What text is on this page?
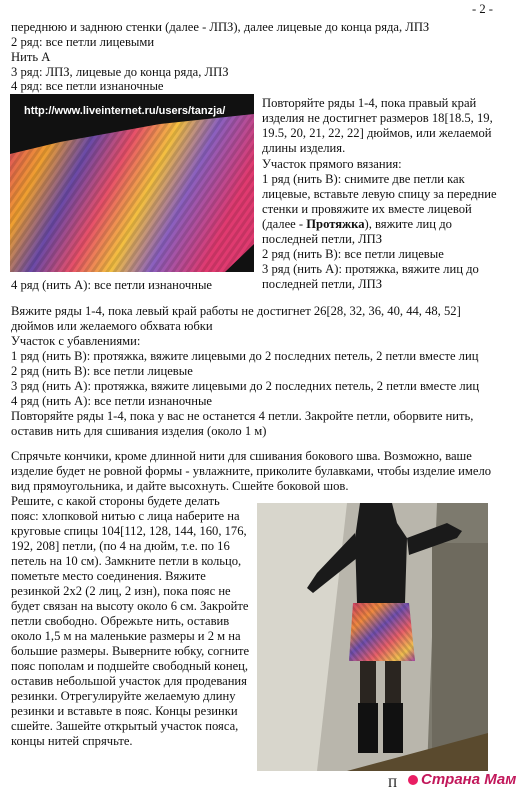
- 2 -
переднюю и заднюю стенки (далее - ЛПЗ), далее лицевые до конца ряда, ЛПЗ
2 ряд: все петли лицевыми
Нить А
3 ряд: ЛПЗ, лицевые до конца ряда, ЛПЗ
4 ряд: все петли изнаночные
http://www.liveinternet.ru/users/tanzja/
Повторяйте ряды 1-4, пока правый край
изделия не достигнет размеров 18[18.5, 19,
19.5, 20, 21, 22, 22] дюймов, или желаемой
длины изделия.
Участок прямого вязания:
1 ряд (нить В): снимите две петли как
лицевые, вставьте левую спицу за передние
стенки и провяжите их вместе лицевой
(далее - Протяжка), вяжите лиц до
последней петли, ЛПЗ
2 ряд (нить В): все петли лицевые
3 ряд (нить А): протяжка, вяжите лиц до
последней петли, ЛПЗ
4 ряд (нить А): все петли изнаночные
Вяжите ряды 1-4, пока левый край работы не достигнет 26[28, 32, 36, 40, 44, 48, 52]
дюймов или желаемого обхвата юбки
Участок с убавлениями:
1 ряд (нить В): протяжка, вяжите лицевыми до 2 последних петель, 2 петли вместе лиц
2 ряд (нить В): все петли лицевые
3 ряд (нить А): протяжка, вяжите лицевыми до 2 последних петель, 2 петли вместе лиц
4 ряд (нить А): все петли изнаночные
Повторяйте ряды 1-4, пока у вас не останется 4 петли. Закройте петли, оборвите нить,
оставив нить для сшивания изделия (около 1 м)
Спрячьте кончики, кроме длинной нити для сшивания бокового шва. Возможно, ваше
изделие будет не ровной формы - увлажните, приколите булавками, чтобы изделие имело
вид прямоугольника, и дайте высохнуть. Сшейте боковой шов.
Решите, с какой стороны будете делать
пояс: хлопковой нитью с лица наберите на
круговые спицы 104[112, 128, 144, 160, 176,
192, 208] петли, (по 4 на дюйм, т.е. по 16
петель на 10 см). Замкните петли в кольцо,
пометьте место соединения. Вяжите
резинкой 2х2 (2 лиц, 2 изн), пока пояс не
будет связан на высоту около 6 см. Закройте
петли свободно. Обрежьте нить, оставив
около 1,5 м на маленькие размеры и 2 м на
большие размеры. Выверните юбку, согните
пояс пополам и подшейте свободный конец,
оставив небольшой участок для продевания
резинки. Отрегулируйте желаемую длину
резинки и вставьте в пояс. Концы резинки
сшейте. Зашейте открытый участок пояса,
концы нитей спрячьте.
П	Страна Мам
